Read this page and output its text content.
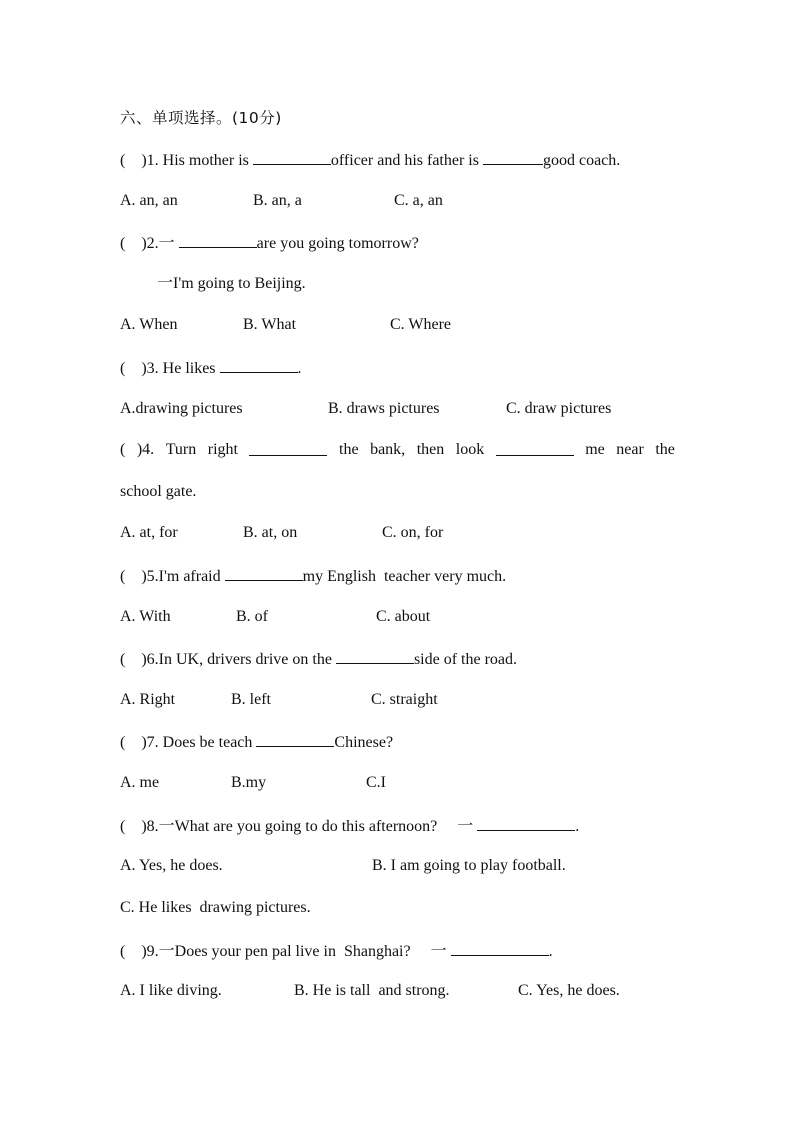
六、单项选择。(10分)
(    )1. His mother is	officer and his father is	good coach.
A. an, an	B. an, a	C. a, an
(    )2.一	are you going tomorrow?
一I'm going to Beijing.
A. When	B. What	C. Where
(    )3. He likes	.
A.drawing pictures	B. draws pictures	C. draw pictures
( )4. Turn right	the bank, then look	me near the
school gate.
A. at, for	B. at, on	C. on, for
(    )5.I'm afraid	my English  teacher very much.
A. With	B. of	C. about
(    )6.In UK, drivers drive on the	side of the road.
A. Right	B. left	C. straight
(    )7. Does be teach	Chinese?
A. me	B.my	C.I
(    )8.一What are you going to do this afternoon?     一	.
A. Yes, he does.	B. I am going to play football.
C. He likes  drawing pictures.
(    )9.一Does your pen pal live in  Shanghai?     一	.
A. I like diving.	B. He is tall  and strong.	C. Yes, he does.
